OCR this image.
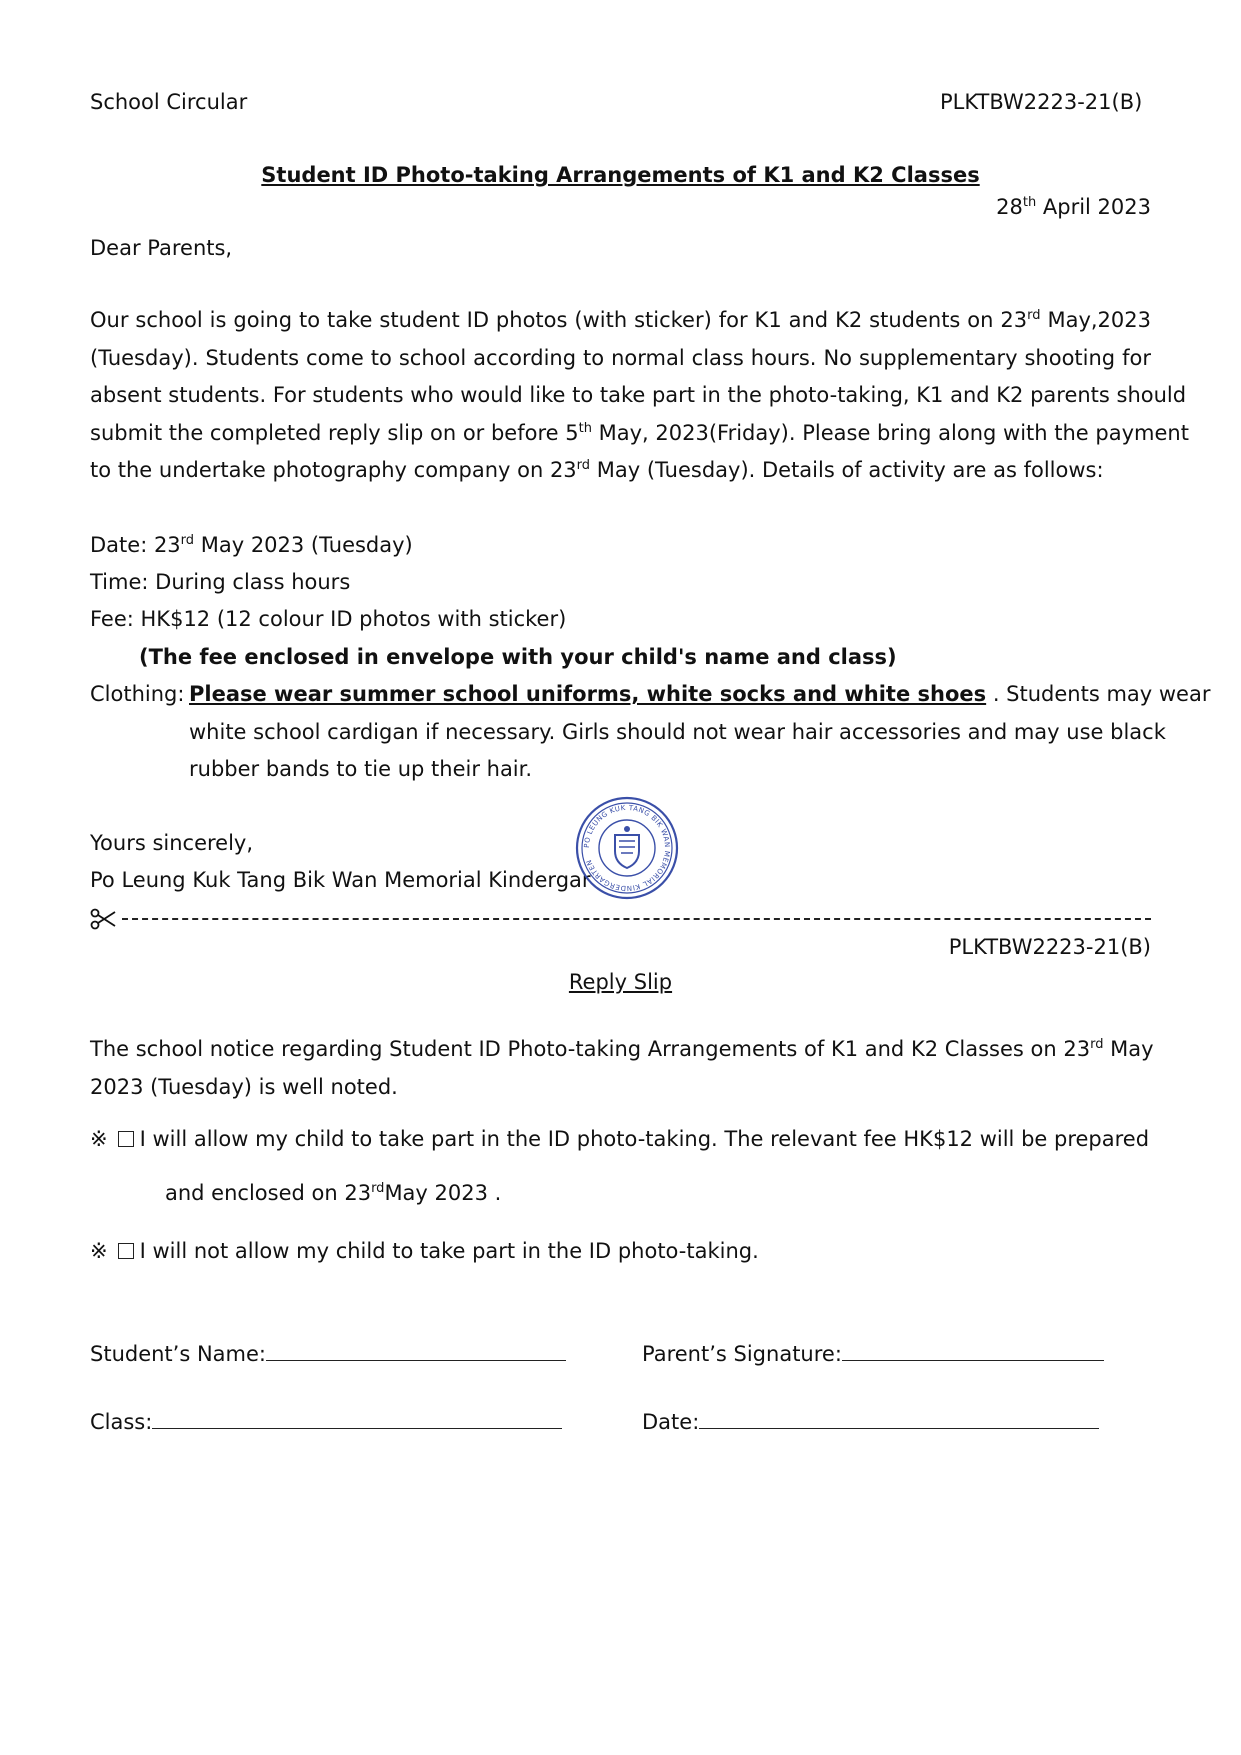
School Circular	PLKTBW2223-21(B)
Student ID Photo-taking Arrangements of K1 and K2 Classes
28th April 2023
Dear Parents,
Our school is going to take student ID photos (with sticker) for K1 and K2 students on 23rd May,2023
(Tuesday). Students come to school according to normal class hours. No supplementary shooting for
absent students. For students who would like to take part in the photo-taking, K1 and K2 parents should
submit the completed reply slip on or before 5th May, 2023(Friday). Please bring along with the payment
to the undertake photography company on 23rd May (Tuesday). Details of activity are as follows:
Date: 23rd May 2023 (Tuesday)
Time: During class hours
Fee: HK$12 (12 colour ID photos with sticker)
(The fee enclosed in envelope with your child's name and class)
Clothing: Please wear summer school uniforms, white socks and white shoes . Students may wear
white school cardigan if necessary. Girls should not wear hair accessories and may use black
rubber bands to tie up their hair.
Yours sincerely,
Po Leung Kuk Tang Bik Wan Memorial Kindergar
PO LEUNG KUK TANG BIK WAN MEMORIAL KINDERGARTEN
PLKTBW2223-21(B)
Reply Slip
The school notice regarding Student ID Photo-taking Arrangements of K1 and K2 Classes on 23rd May
2023 (Tuesday) is well noted.
※ I will allow my child to take part in the ID photo-taking. The relevant fee HK$12 will be prepared
and enclosed on 23rdMay 2023 .
※ I will not allow my child to take part in the ID photo-taking.
Student’s Name:	Parent’s Signature:
Class:	Date:
